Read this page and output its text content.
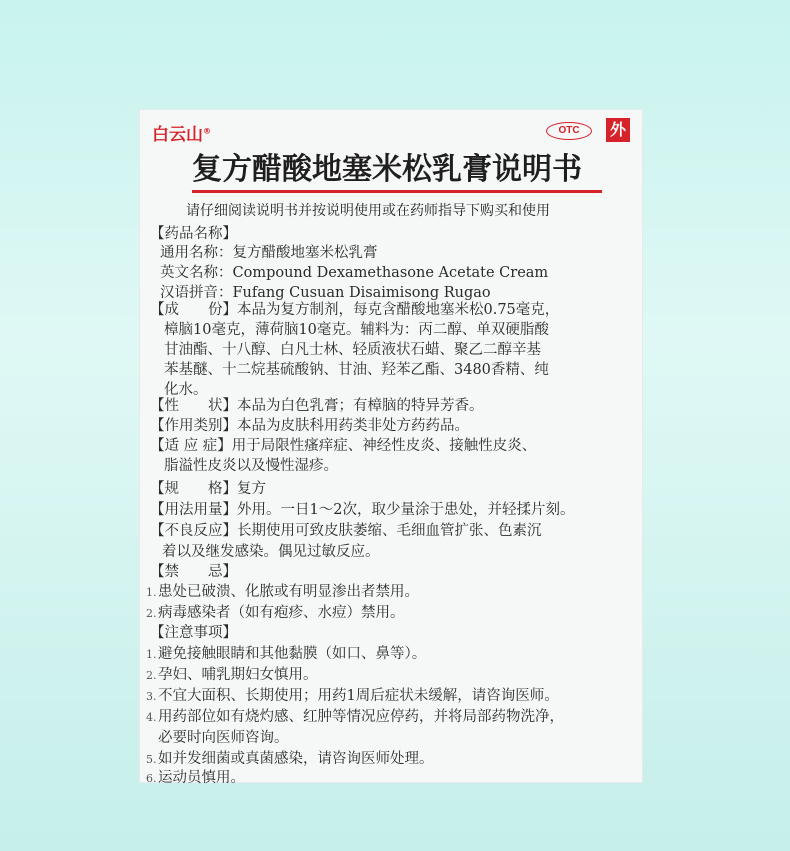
白云山®	OTC	外
复方醋酸地塞米松乳膏说明书
请仔细阅读说明书并按说明使用或在药师指导下购买和使用
【药品名称】
通用名称：复方醋酸地塞米松乳膏
英文名称：Compound Dexamethasone Acetate Cream
汉语拼音：Fufang Cusuan Disaimisong Rugao
【成　　份】本品为复方制剂，每克含醋酸地塞米松0.75毫克，
樟脑10毫克，薄荷脑10毫克。辅料为：丙二醇、单双硬脂酸
甘油酯、十八醇、白凡士林、轻质液状石蜡、聚乙二醇辛基
苯基醚、十二烷基硫酸钠、甘油、羟苯乙酯、3480香精、纯
化水。
【性　　状】本品为白色乳膏；有樟脑的特异芳香。
【作用类别】本品为皮肤科用药类非处方药药品。
【适 应 症】用于局限性瘙痒症、神经性皮炎、接触性皮炎、
脂溢性皮炎以及慢性湿疹。
【规　　格】复方
【用法用量】外用。一日1～2次，取少量涂于患处，并轻揉片刻。
【不良反应】长期使用可致皮肤萎缩、毛细血管扩张、色素沉
着以及继发感染。偶见过敏反应。
【禁　　忌】
1. 患处已破溃、化脓或有明显渗出者禁用。
2. 病毒感染者（如有疱疹、水痘）禁用。
【注意事项】
1. 避免接触眼睛和其他黏膜（如口、鼻等）。
2. 孕妇、哺乳期妇女慎用。
3. 不宜大面积、长期使用；用药1周后症状未缓解，请咨询医师。
4. 用药部位如有烧灼感、红肿等情况应停药，并将局部药物洗净，
必要时向医师咨询。
5. 如并发细菌或真菌感染，请咨询医师处理。
6. 运动员慎用。
